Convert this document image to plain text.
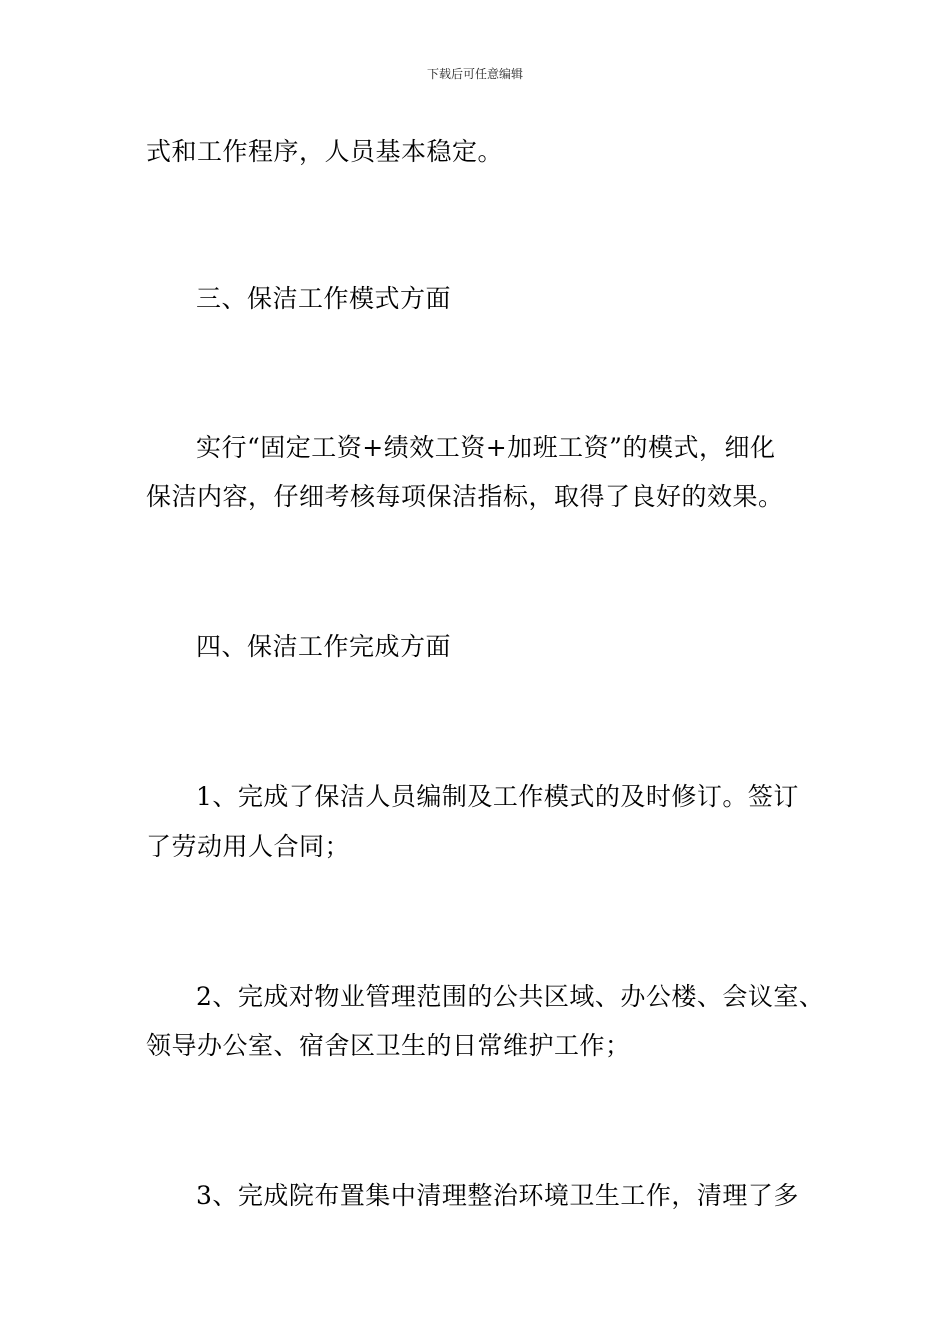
下载后可任意编辑
式和工作程序，人员基本稳定。
三、保洁工作模式方面
实行“固定工资+绩效工资+加班工资”的模式，细化
保洁内容，仔细考核每项保洁指标，取得了良好的效果。
四、保洁工作完成方面
1、完成了保洁人员编制及工作模式的及时修订。签订
了劳动用人合同；
2、完成对物业管理范围的公共区域、办公楼、会议室、
领导办公室、宿舍区卫生的日常维护工作；
3、完成院布置集中清理整治环境卫生工作，清理了多
